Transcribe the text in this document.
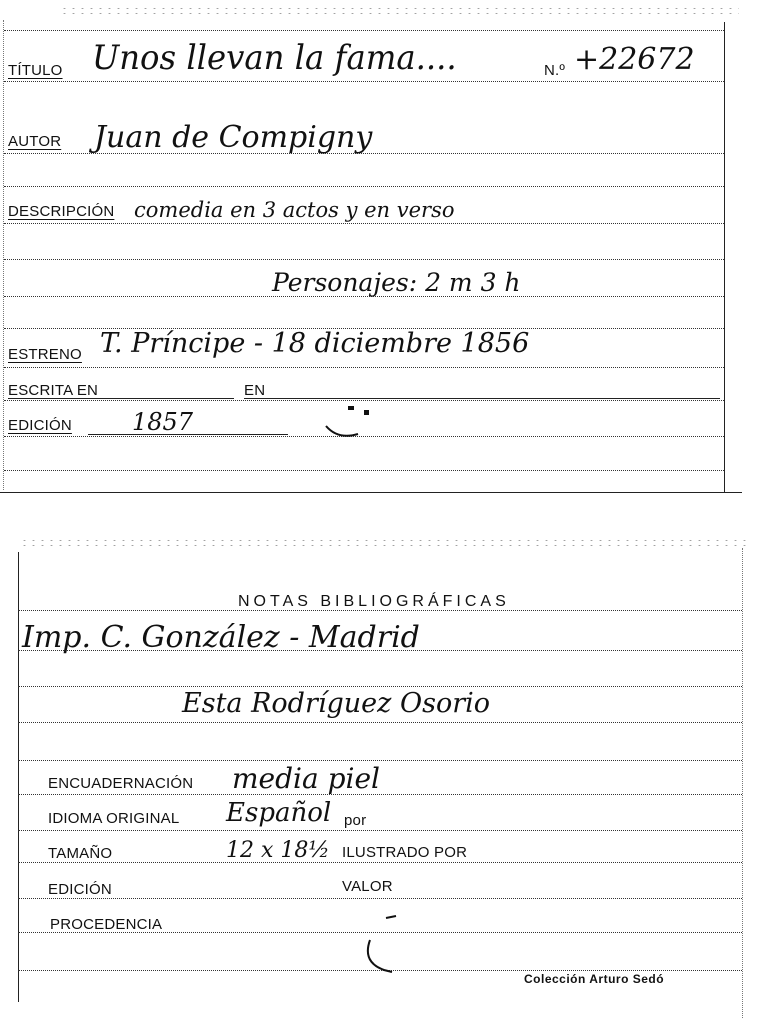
TÍTULO Unos llevan la fama....	N.º +22672
AUTOR Juan de Compigny
DESCRIPCIÓN comedia en 3 actos y en verso
Personajes: 2 m 3 h
ESTRENO T. Príncipe - 18 diciembre 1856
ESCRITA EN	EN
EDICIÓN	1857
NOTAS BIBLIOGRÁFICAS
Imp. C. González - Madrid
Esta Rodríguez Osorio
ENCUADERNACIÓN media piel
IDIOMA ORIGINAL Español por
TAMAÑO	12 x 18½ ILUSTRADO POR
EDICIÓN	VALOR
PROCEDENCIA
Colección Arturo Sedó
